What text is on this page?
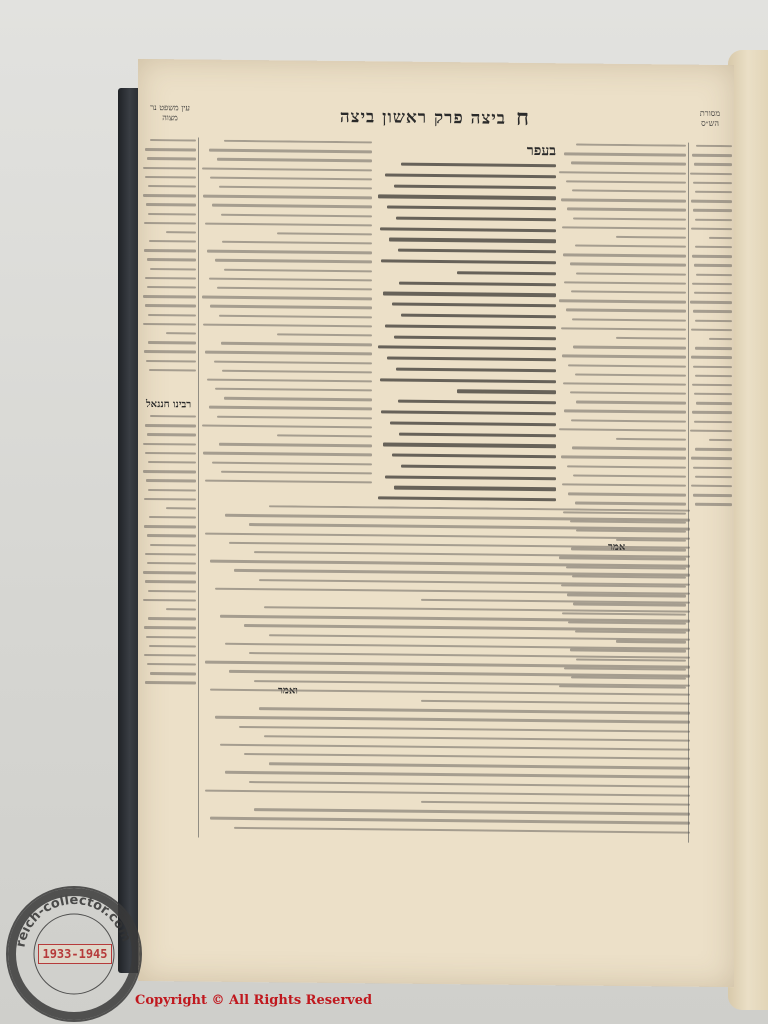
ביצה פרק ראשון ביצה ח
עין משפט נר מצוה	מסורת הש״ס
בעפר
רבינו חננאל
reich-collector.com
1933-1945
Copyright © All Rights Reserved
